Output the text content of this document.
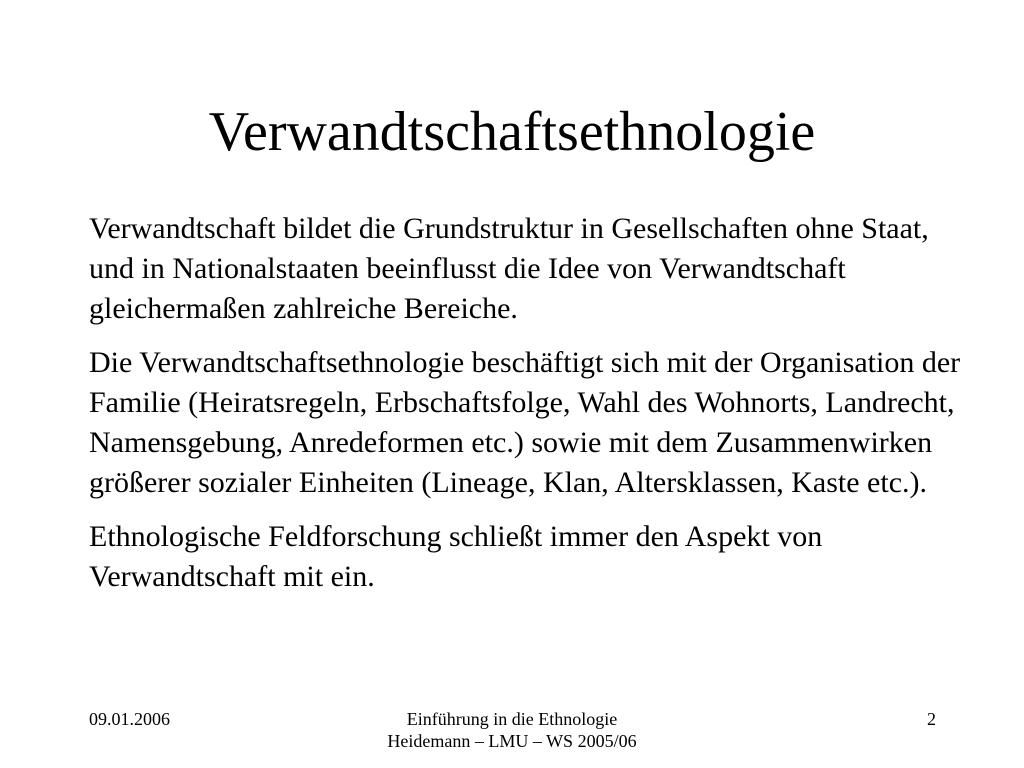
Verwandtschaftsethnologie

Verwandtschaft bildet die Grundstruktur in Gesellschaften ohne Staat, und in Nationalstaaten beeinflusst die Idee von Verwandtschaft gleichermaßen zahlreiche Bereiche.

Die Verwandtschaftsethnologie beschäftigt sich mit der Organisation der Familie (Heiratsregeln, Erbschaftsfolge, Wahl des Wohnorts, Landrecht, Namensgebung, Anredeformen etc.) sowie mit dem Zusammenwirken größerer sozialer Einheiten (Lineage, Klan, Altersklassen, Kaste etc.).

Ethnologische Feldforschung schließt immer den Aspekt von Verwandtschaft mit ein.

09.01.2006	Einführung in die Ethnologie
Heidemann – LMU – WS 2005/06
2
